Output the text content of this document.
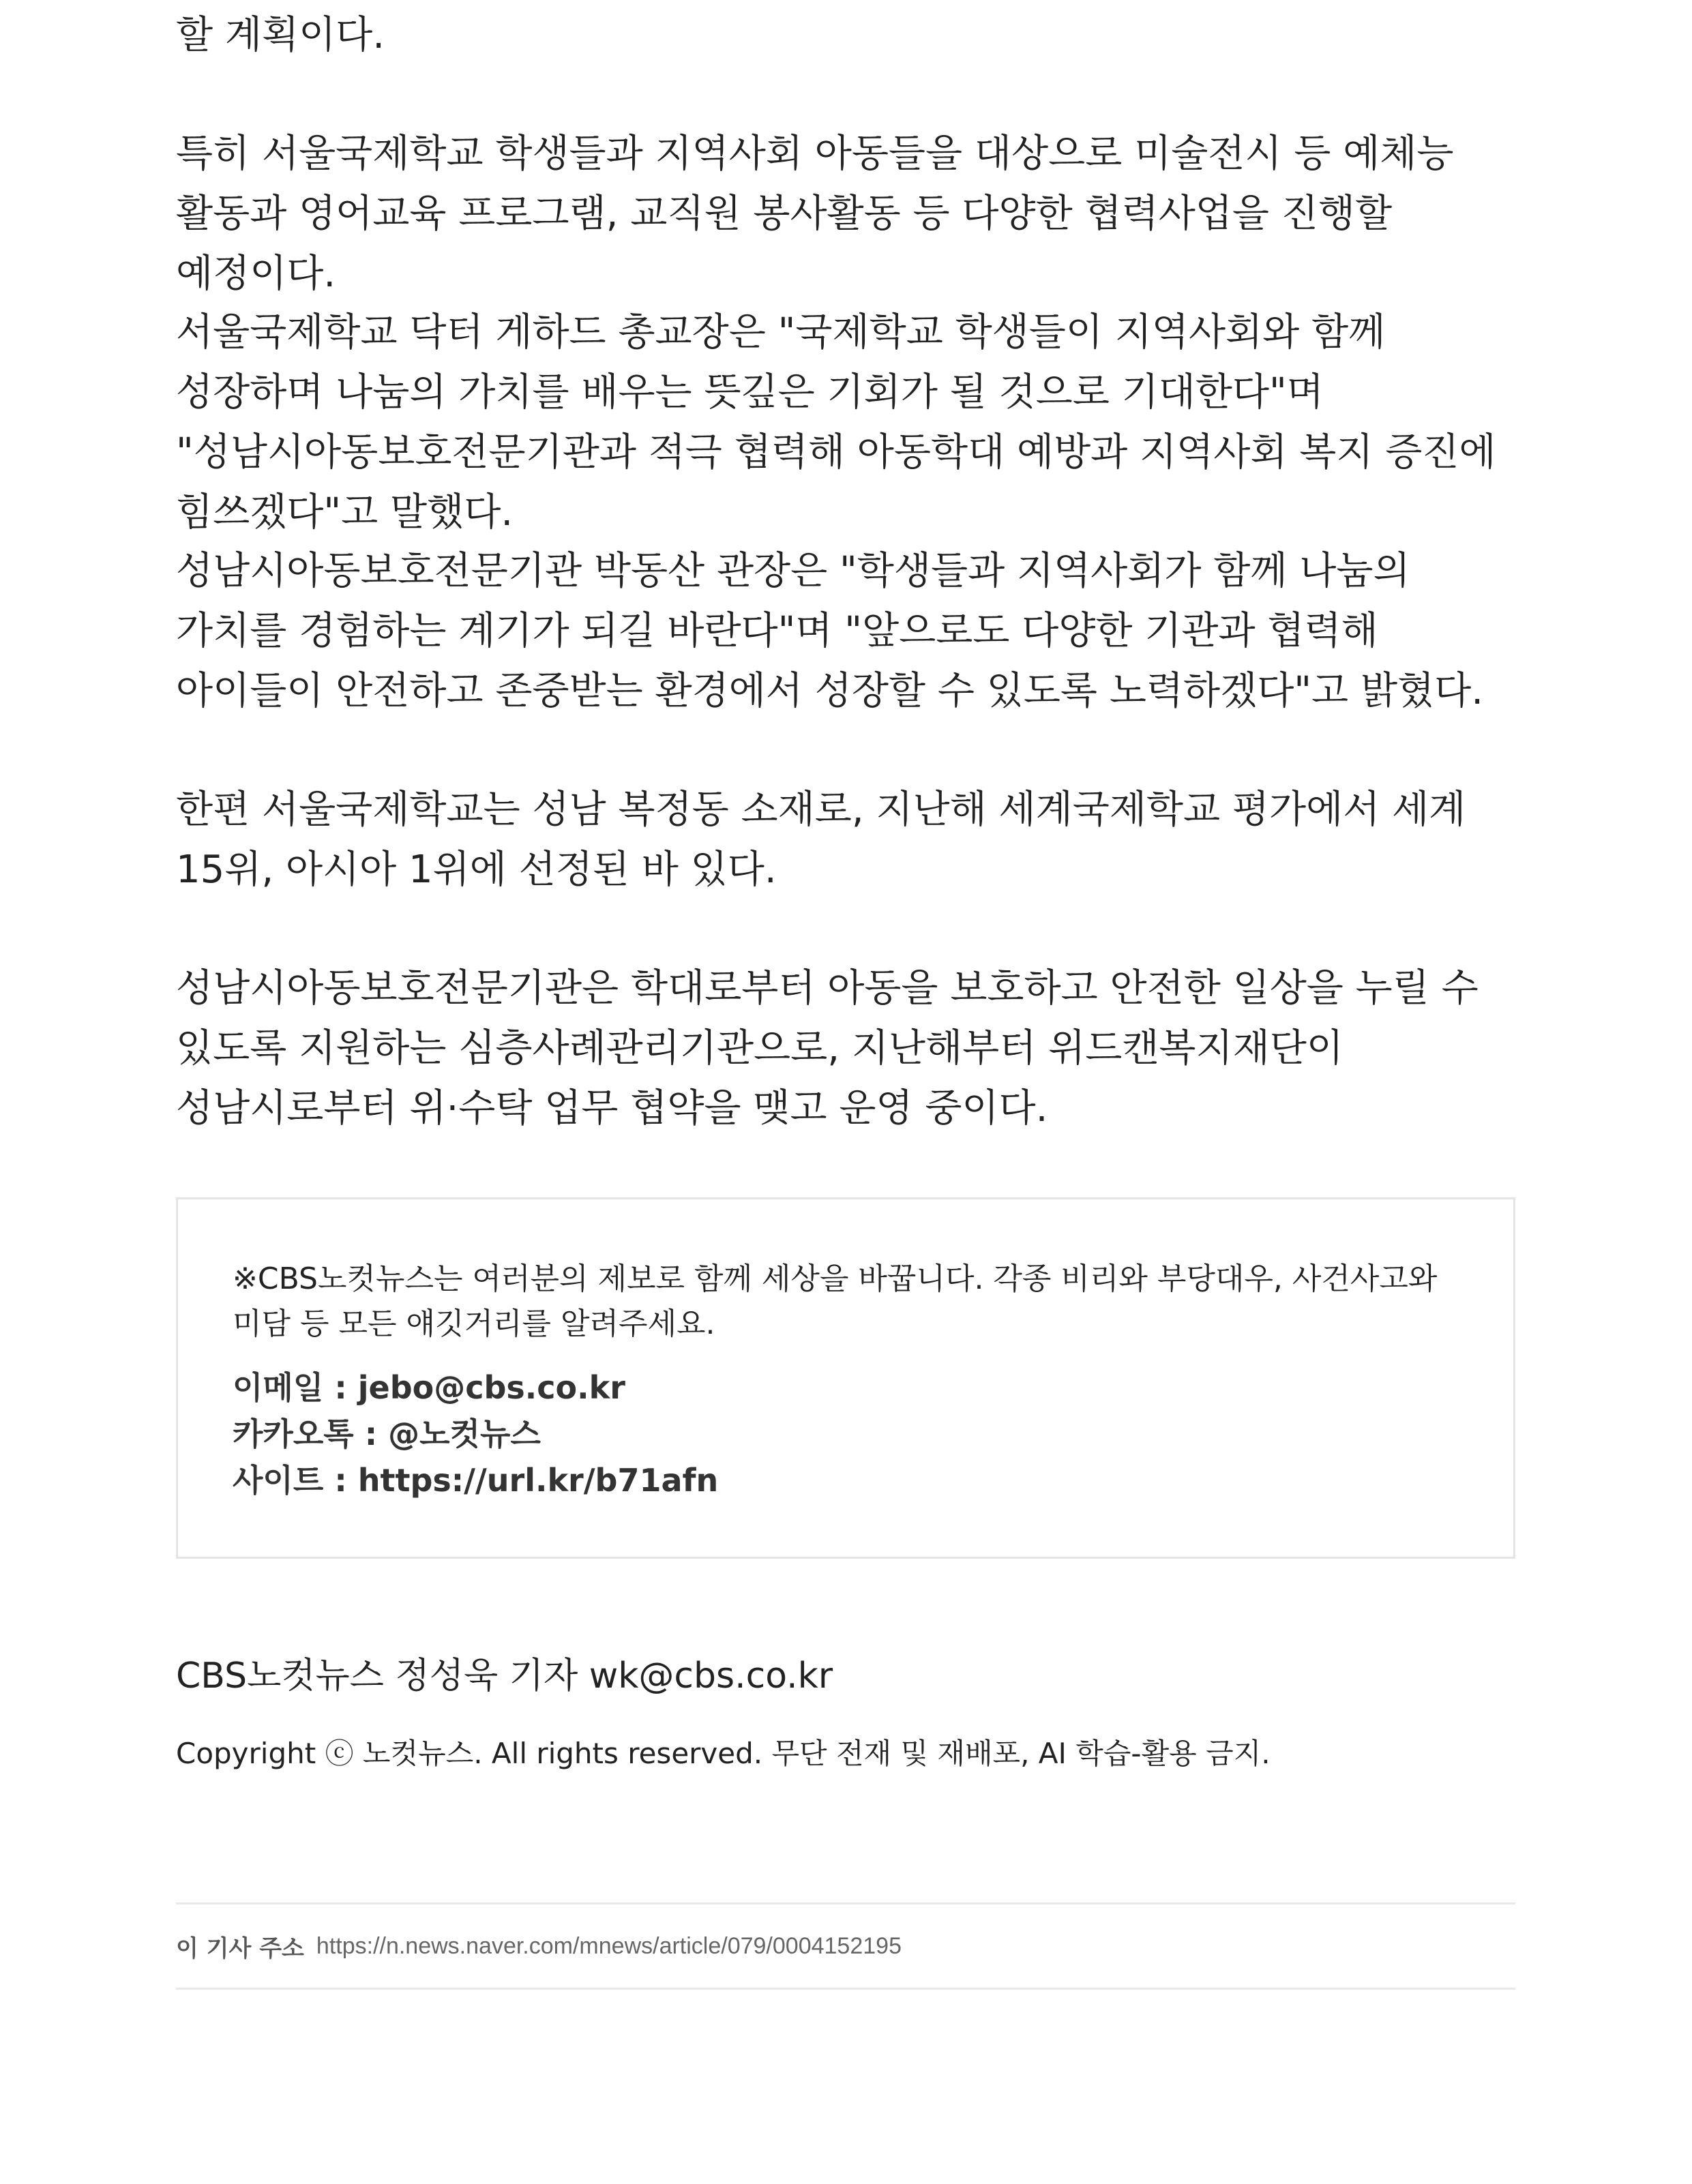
할 계획이다.

특히 서울국제학교 학생들과 지역사회 아동들을 대상으로 미술전시 등 예체능 활동과 영어교육 프로그램, 교직원 봉사활동 등 다양한 협력사업을 진행할 예정이다.

서울국제학교 닥터 게하드 총교장은 "국제학교 학생들이 지역사회와 함께 성장하며 나눔의 가치를 배우는 뜻깊은 기회가 될 것으로 기대한다"며 "성남시아동보호전문기관과 적극 협력해 아동학대 예방과 지역사회 복지 증진에 힘쓰겠다"고 말했다.

성남시아동보호전문기관 박동산 관장은 "학생들과 지역사회가 함께 나눔의 가치를 경험하는 계기가 되길 바란다"며 "앞으로도 다양한 기관과 협력해 아이들이 안전하고 존중받는 환경에서 성장할 수 있도록 노력하겠다"고 밝혔다.

한편 서울국제학교는 성남 복정동 소재로, 지난해 세계국제학교 평가에서 세계 15위, 아시아 1위에 선정된 바 있다.

성남시아동보호전문기관은 학대로부터 아동을 보호하고 안전한 일상을 누릴 수 있도록 지원하는 심층사례관리기관으로, 지난해부터 위드캔복지재단이 성남시로부터 위·수탁 업무 협약을 맺고 운영 중이다.

※CBS노컷뉴스는 여러분의 제보로 함께 세상을 바꿉니다. 각종 비리와 부당대우, 사건사고와 미담 등 모든 얘깃거리를 알려주세요.

이메일 : jebo@cbs.co.kr

카카오톡 : @노컷뉴스

사이트 : https://url.kr/b71afn

CBS노컷뉴스 정성욱 기자 wk@cbs.co.kr
Copyright ⓒ 노컷뉴스. All rights reserved. 무단 전재 및 재배포, AI 학습-활용 금지.
이 기사 주소 https://n.news.naver.com/mnews/article/079/0004152195
